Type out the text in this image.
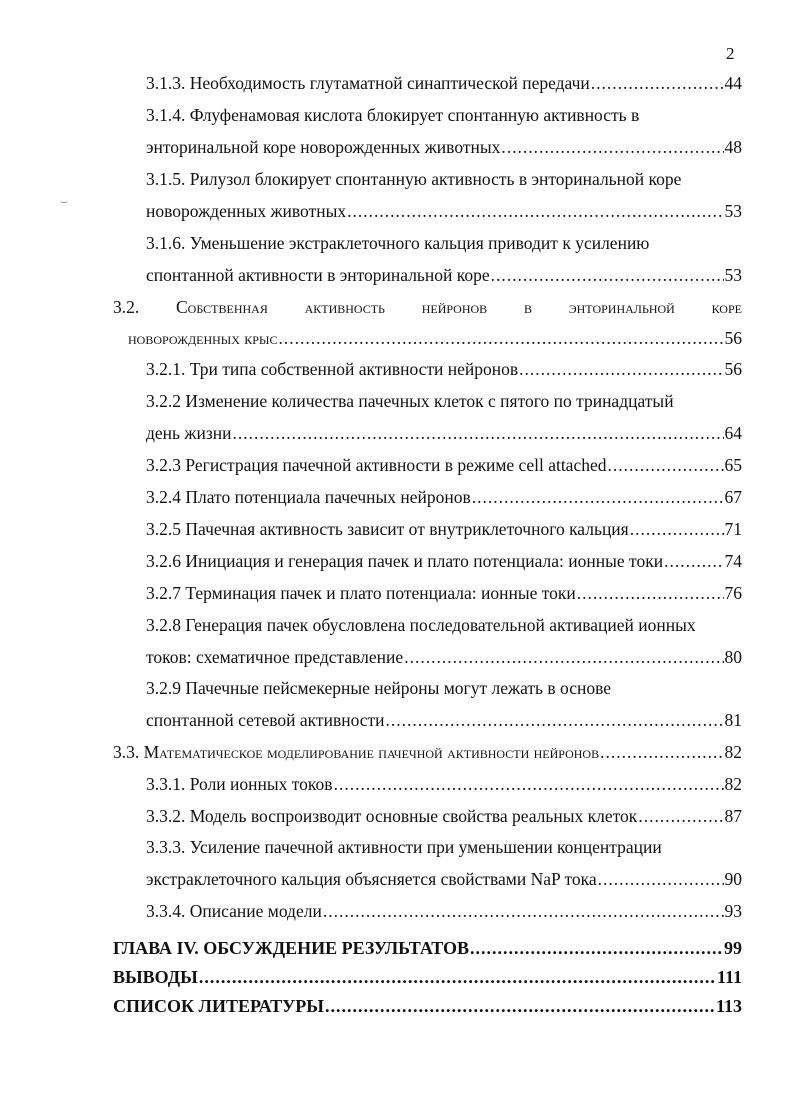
2
3.1.3. Необходимость глутаматной синаптической передачи .....	44
3.1.4. Флуфенамовая кислота блокирует спонтанную активность в
энторинальной коре новорожденных животных .....	48
3.1.5. Рилузол блокирует спонтанную активность в энторинальной коре
новорожденных животных .....	53
3.1.6. Уменьшение экстраклеточного кальция приводит к усилению
спонтанной активности в энторинальной коре .....	53
3.2. Собственная активность нейронов в энторинальной коре
новорожденных крыс .....	56
3.2.1. Три типа собственной активности нейронов .....	56
3.2.2 Изменение количества пачечных клеток с пятого по тринадцатый
день жизни .....	64
3.2.3 Регистрация пачечной активности в режиме cell attached .....	65
3.2.4 Плато потенциала пачечных нейронов .....	67
3.2.5 Пачечная активность зависит от внутриклеточного кальция .....	71
3.2.6 Инициация и генерация пачек и плато потенциала: ионные токи .....	74
3.2.7 Терминация пачек и плато потенциала: ионные токи .....	76
3.2.8 Генерация пачек обусловлена последовательной активацией ионных
токов: схематичное представление .....	80
3.2.9 Пачечные пейсмекерные нейроны могут лежать в основе
спонтанной сетевой активности .....	81
3.3. Математическое моделирование пачечной активности нейронов .....	82
3.3.1. Роли ионных токов .....	82
3.3.2. Модель воспроизводит основные свойства реальных клеток .....	87
3.3.3. Усиление пачечной активности при уменьшении концентрации
экстраклеточного кальция объясняется свойствами NaP тока .....	90
3.3.4. Описание модели .....	93
ГЛАВА IV. ОБСУЖДЕНИЕ РЕЗУЛЬТАТОВ .....	99
ВЫВОДЫ .....	111
СПИСОК ЛИТЕРАТУРЫ .....	113
